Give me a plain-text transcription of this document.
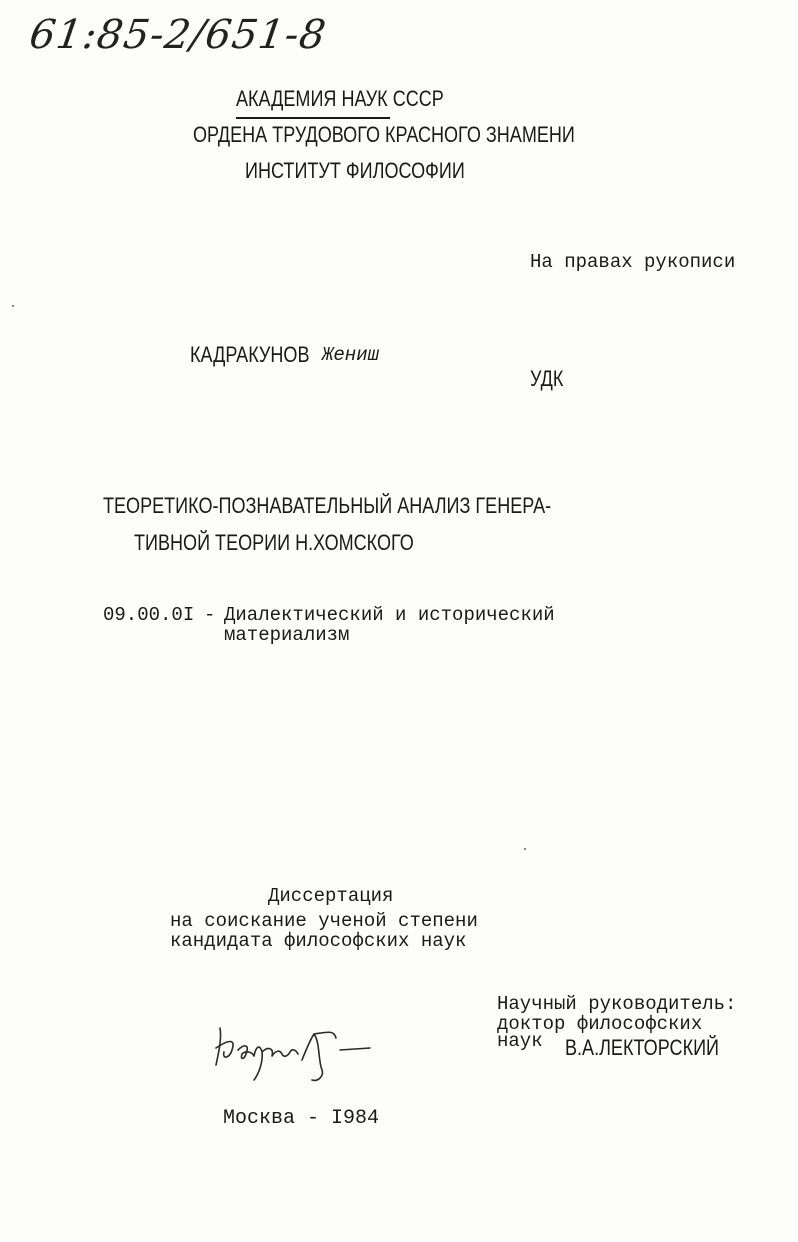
61:85-2/651-8
АКАДЕМИЯ НАУК СССР
ОРДЕНА ТРУДОВОГО КРАСНОГО ЗНАМЕНИ
ИНСТИТУТ ФИЛОСОФИИ
На правах рукописи
КАДРАКУНОВ Жениш
УДК
ТЕОРЕТИКО-ПОЗНАВАТЕЛЬНЫЙ АНАЛИЗ ГЕНЕРА-
ТИВНОЙ ТЕОРИИ Н.ХОМСКОГО
09.00.0I - Диалектический и исторический
материализм
Диссертация
на соискание ученой степени
кандидата философских наук
Научный руководитель:
доктор философских
наук В.А.ЛЕКТОРСКИЙ
Москва - I984
